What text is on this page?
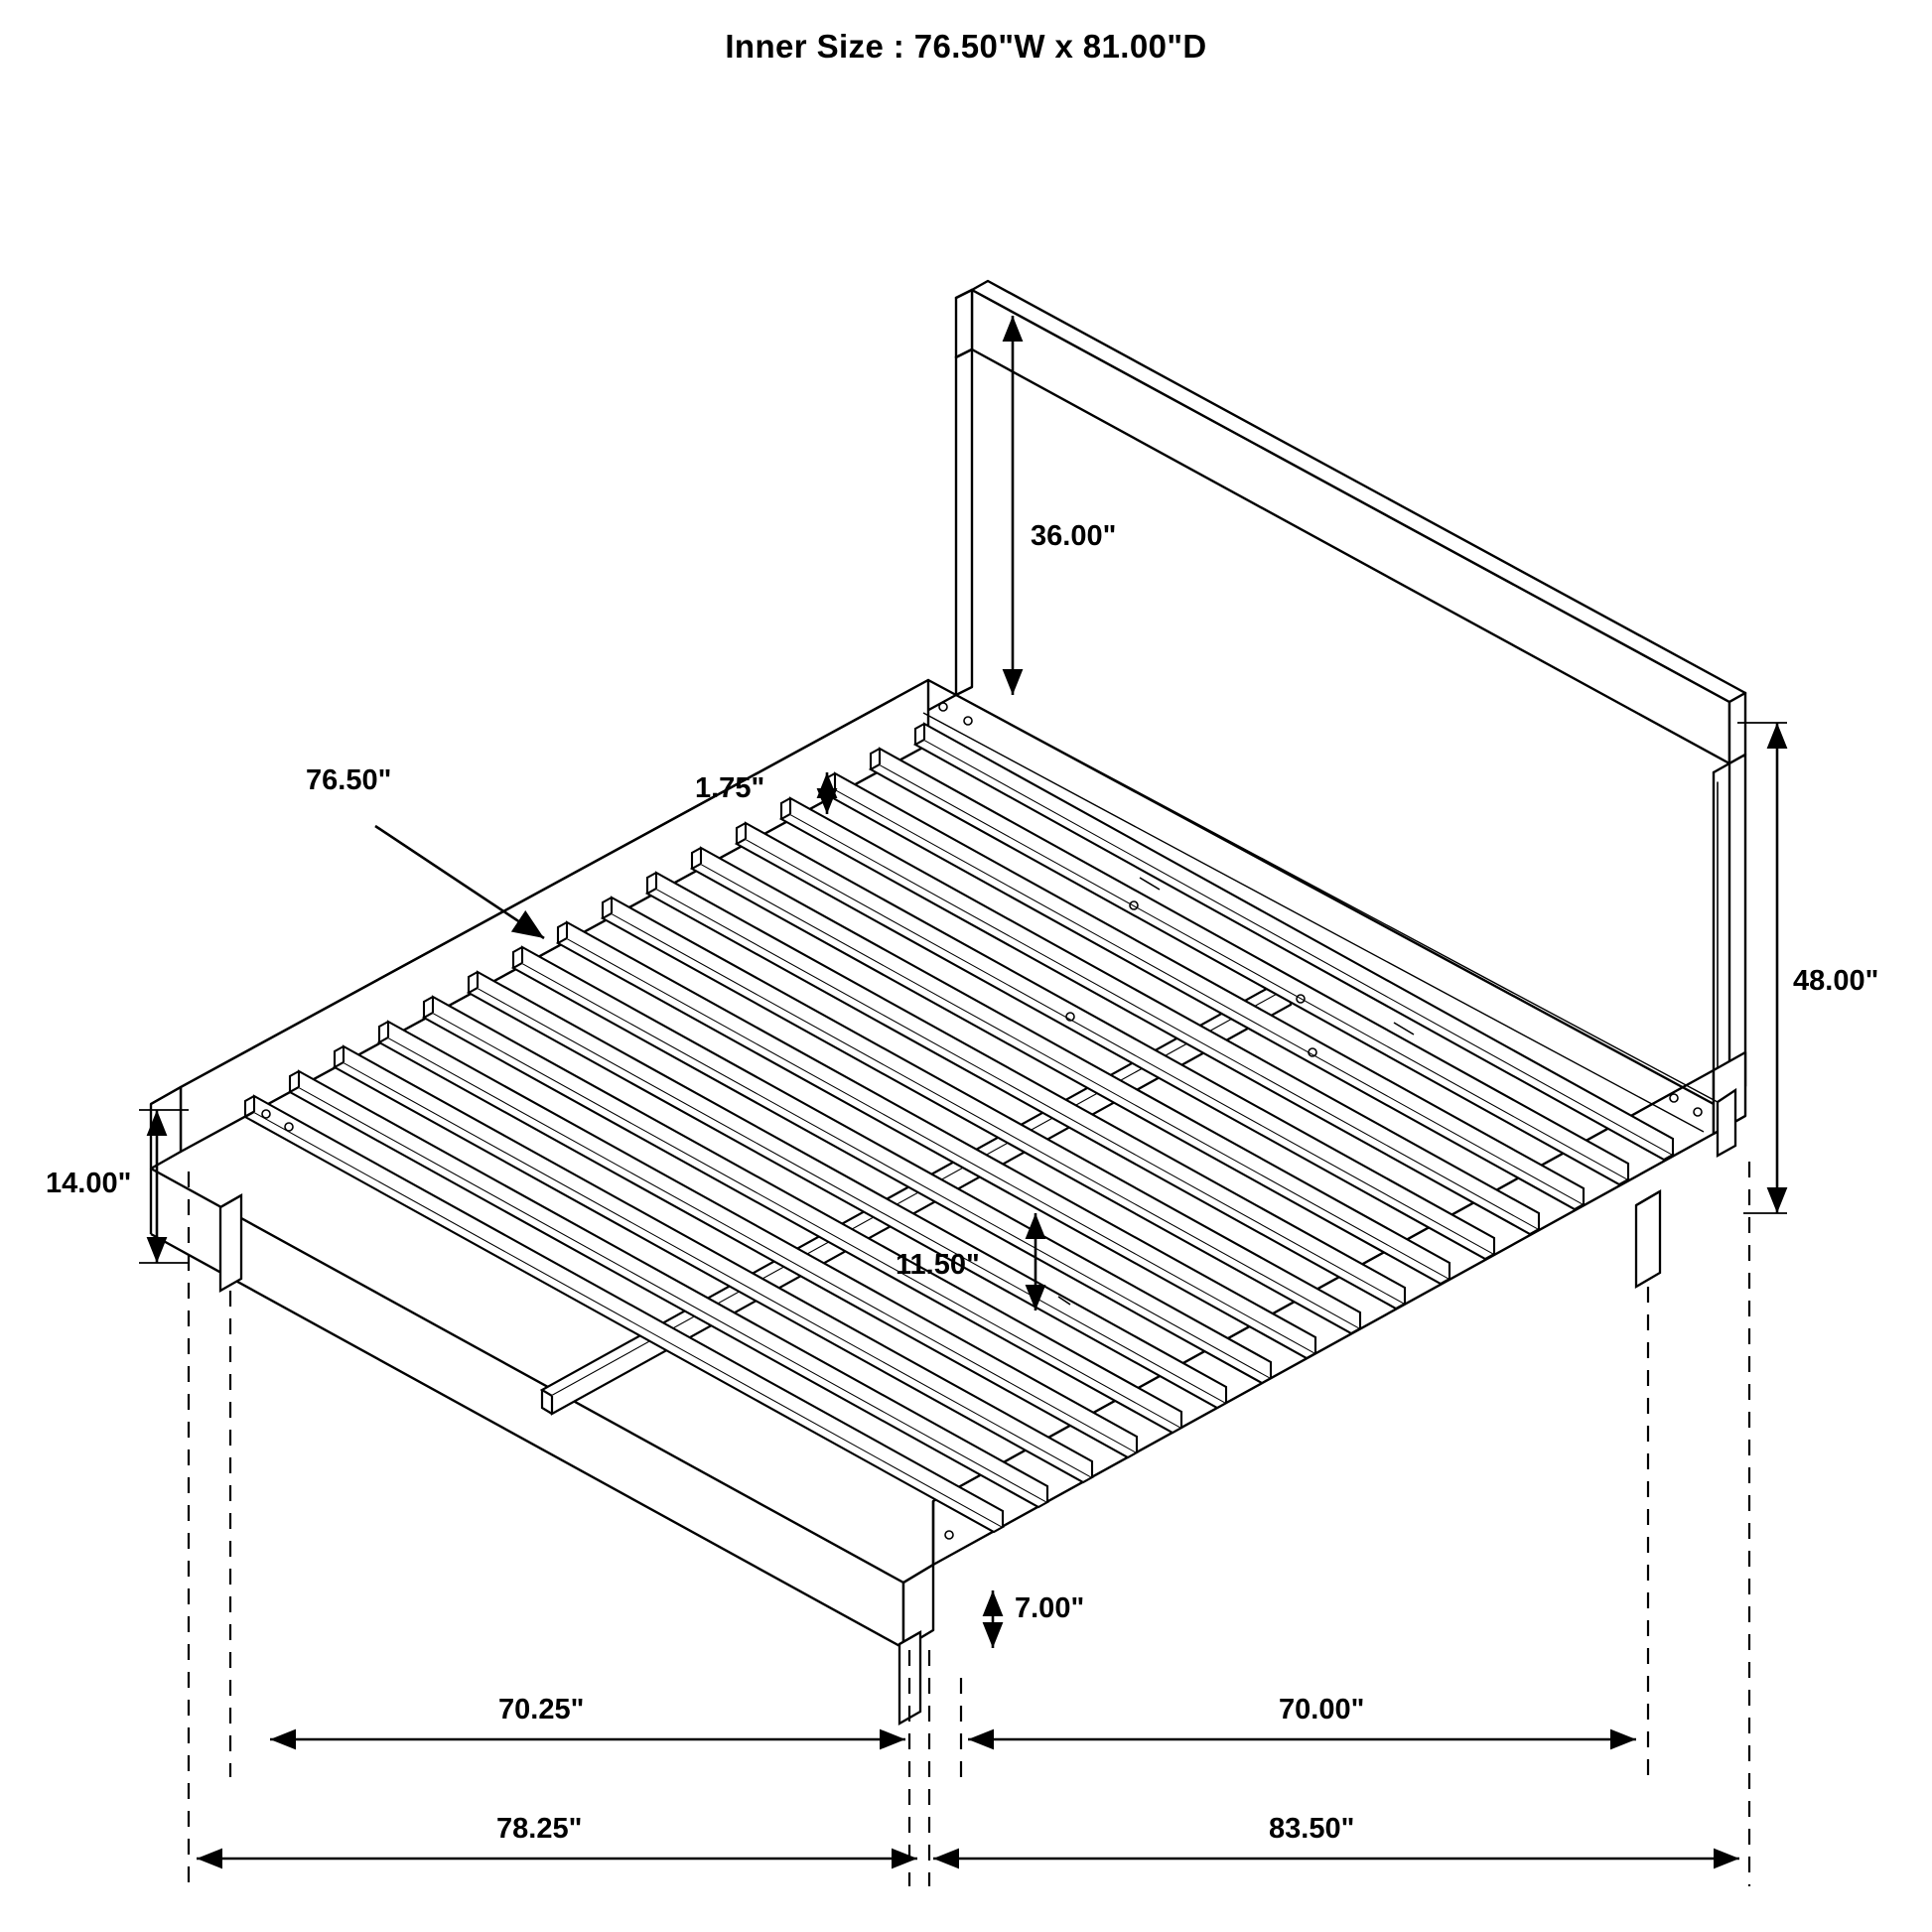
Inner Size : 76.50"W x 81.00"D
36.00"
48.00"
1.75"
76.50"
14.00"
11.50"
7.00"
70.25"	70.00"
78.25"	83.50"
